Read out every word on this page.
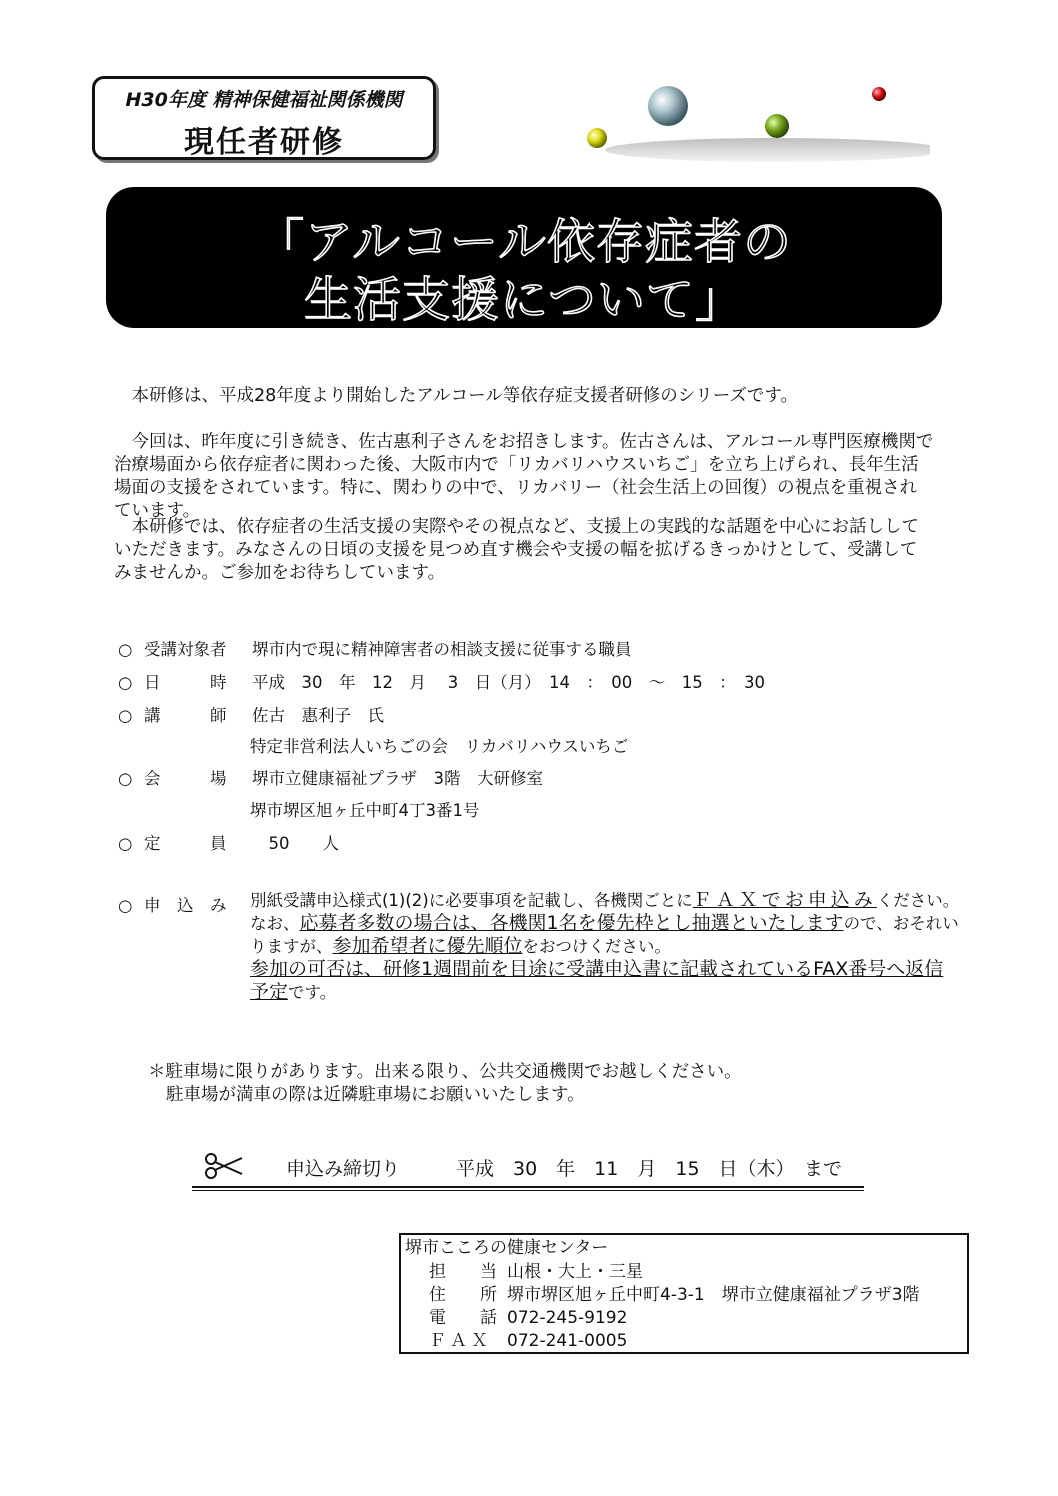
H30年度 精神保健福祉関係機関
現任者研修
「アルコール依存症者の
生活支援について」
本研修は、平成28年度より開始したアルコール等依存症支援者研修のシリーズです。
今回は、昨年度に引き続き、佐古惠利子さんをお招きします。佐古さんは、アルコール専門医療機関で治療場面から依存症者に関わった後、大阪市内で「リカバリハウスいちご」を立ち上げられ、長年生活場面の支援をされています。特に、関わりの中で、リカバリー（社会生活上の回復）の視点を重視されています。
本研修では、依存症者の生活支援の実際やその視点など、支援上の実践的な話題を中心にお話ししていただきます。みなさんの日頃の支援を見つめ直す機会や支援の幅を拡げるきっかけとして、受講してみませんか。ご参加をお待ちしています。
○ 受講対象者 堺市内で現に精神障害者の相談支援に従事する職員
○ 日　　　時 平成　30　年　12　月　 3　日（月）　14　：　00　～　15　：　30
○ 講　　　師 佐古　惠利子　氏
特定非営利法人いちごの会　リカバリハウスいちご
○ 会　　　場 堺市立健康福祉プラザ　3階　大研修室
堺市堺区旭ヶ丘中町4丁3番1号
○ 定　　　員　50　　人
○ 申　込　み	別紙受講申込様式(1)(2)に必要事項を記載し、各機関ごとにＦＡＸでお申込みください。
なお、応募者多数の場合は、各機関1名を優先枠とし抽選といたしますので、おそれいりますが、参加希望者に優先順位をおつけください。
参加の可否は、研修1週間前を目途に受講申込書に記載されているFAX番号へ返信予定です。
＊駐車場に限りがあります。出来る限り、公共交通機関でお越しください。
駐車場が満車の際は近隣駐車場にお願いいたします。
申込み締切り	平成　30　年　11　月　15　日（木）　まで
堺市こころの健康センター
担　　当 山根・大上・三星
住　　所 堺市堺区旭ヶ丘中町4-3-1　堺市立健康福祉プラザ3階
電　　話 072-245-9192
ＦＡＸ 072-241-0005
